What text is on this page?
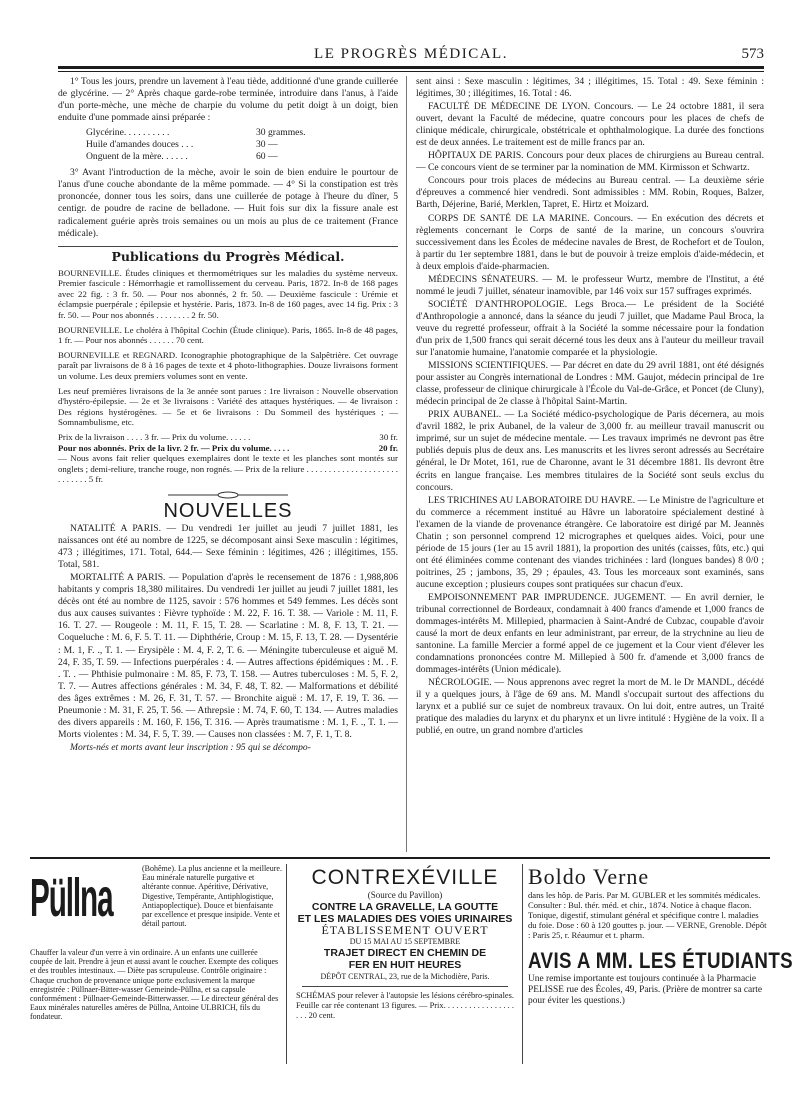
LE PROGRÈS MÉDICAL.	573

1° Tous les jours, prendre un lavement à l'eau tiède, additionné d'une grande cuillerée de glycérine. — 2° Après chaque garde-robe terminée, introduire dans l'anus, à l'aide d'un porte-mèche, une mèche de charpie du volume du petit doigt à un doigt, bien enduite d'une pommade ainsi préparée :

Glycérine. . . . . . . . . .	30 grammes.
Huile d'amandes douces . . .	30 —
Onguent de la mère. . . . . .	60 —

3° Avant l'introduction de la mèche, avoir le soin de bien enduire le pourtour de l'anus d'une couche abondante de la même pommade. — 4° Si la constipation est très prononcée, donner tous les soirs, dans une cuillerée de potage à l'heure du dîner, 5 centigr. de poudre de racine de belladone. — Huit fois sur dix la fissure anale est radicalement guérie après trois semaines ou un mois au plus de ce traitement (France médicale).

Publications du Progrès Médical.

BOURNEVILLE. Études cliniques et thermométriques sur les maladies du système nerveux. Premier fascicule : Hémorrhagie et ramollissement du cerveau. Paris, 1872. In-8 de 168 pages avec 22 fig. : 3 fr. 50. — Pour nos abonnés, 2 fr. 50. — Deuxième fascicule : Urémie et éclampsie puerpérale ; épilepsie et hystérie. Paris, 1873. In-8 de 160 pages, avec 14 fig. Prix : 3 fr. 50. — Pour nos abonnés . . . . . . . . 2 fr. 50.

BOURNEVILLE. Le choléra à l'hôpital Cochin (Étude clinique). Paris, 1865. In-8 de 48 pages, 1 fr. — Pour nos abonnés . . . . . . 70 cent.

BOURNEVILLE et REGNARD. Iconographie photographique de la Salpêtrière. Cet ouvrage paraît par livraisons de 8 à 16 pages de texte et 4 photo-lithographies. Douze livraisons forment un volume. Les deux premiers volumes sont en vente.

Les neuf premières livraisons de la 3e année sont parues : 1re livraison : Nouvelle observation d'hystéro-épilepsie. — 2e et 3e livraisons : Variété des attaques hystériques. — 4e livraison : Des régions hystérogènes. — 5e et 6e livraisons : Du Sommeil des hystériques ; — Somnambulisme, etc.

Prix de la livraison . . . . 3 fr. — Prix du volume. . . . . .	30 fr.
Pour nos abonnés. Prix de la livr. 2 fr. — Prix du volume. . . . .	20 fr.

— Nous avons fait relier quelques exemplaires dont le texte et les planches sont montés sur onglets ; demi-reliure, tranche rouge, non rognés. — Prix de la reliure . . . . . . . . . . . . . . . . . . . . . . . . . . . . 5 fr.

NOUVELLES

NATALITÉ A PARIS. — Du vendredi 1er juillet au jeudi 7 juillet 1881, les naissances ont été au nombre de 1225, se décomposant ainsi Sexe masculin : légitimes, 473 ; illégitimes, 171. Total, 644.— Sexe féminin : légitimes, 426 ; illégitimes, 155. Total, 581.

MORTALITÉ A PARIS. — Population d'après le recensement de 1876 : 1,988,806 habitants y compris 18,380 militaires. Du vendredi 1er juillet au jeudi 7 juillet 1881, les décès ont été au nombre de 1125, savoir : 576 hommes et 549 femmes. Les décès sont dus aux causes suivantes : Fièvre typhoïde : M. 22, F. 16. T. 38. — Variole : M. 11, F. 16. T. 27. — Rougeole : M. 11, F. 15, T. 28. — Scarlatine : M. 8, F. 13, T. 21. — Coqueluche : M. 6, F. 5. T. 11. — Diphthérie, Croup : M. 15, F. 13, T. 28. — Dysentérie : M. 1, F. ., T. 1. — Erysipèle : M. 4, F. 2, T. 6. — Méningite tuberculeuse et aiguë M. 24, F. 35, T. 59. — Infections puerpérales : 4. — Autres affections épidémiques : M. . F. . T. . — Phthisie pulmonaire : M. 85, F. 73, T. 158. — Autres tuberculoses : M. 5, F. 2, T. 7. — Autres affections générales : M. 34, F. 48, T. 82. — Malformations et débilité des âges extrêmes : M. 26, F. 31, T. 57. — Bronchite aiguë : M. 17, F. 19, T. 36. — Pneumonie : M. 31, F. 25, T. 56. — Athrepsie : M. 74, F. 60, T. 134. — Autres maladies des divers appareils : M. 160, F. 156, T. 316. — Après traumatisme : M. 1, F. ., T. 1. — Morts violentes : M. 34, F. 5, T. 39. — Causes non classées : M. 7, F. 1, T. 8.

Morts-nés et morts avant leur inscription : 95 qui se décompo-

sent ainsi : Sexe masculin : légitimes, 34 ; illégitimes, 15. Total : 49. Sexe féminin : légitimes, 30 ; illégitimes, 16. Total : 46.

FACULTÉ DE MÉDECINE DE LYON. Concours. — Le 24 octobre 1881, il sera ouvert, devant la Faculté de médecine, quatre concours pour les places de chefs de clinique médicale, chirurgicale, obstétricale et ophthalmologique. La durée des fonctions est de deux années. Le traitement est de mille francs par an.

HÔPITAUX DE PARIS. Concours pour deux places de chirurgiens au Bureau central. — Ce concours vient de se terminer par la nomination de MM. Kirmisson et Schwartz.

Concours pour trois places de médecins au Bureau central. — La deuxième série d'épreuves a commencé hier vendredi. Sont admissibles : MM. Robin, Roques, Balzer, Barth, Déjerine, Barié, Merklen, Tapret, E. Hirtz et Moizard.

CORPS DE SANTÉ DE LA MARINE. Concours. — En exécution des décrets et règlements concernant le Corps de santé de la marine, un concours s'ouvrira successivement dans les Écoles de médecine navales de Brest, de Rochefort et de Toulon, à partir du 1er septembre 1881, dans le but de pouvoir à treize emplois d'aide-médecin, et à deux emplois d'aide-pharmacien.

MÉDECINS SÉNATEURS. — M. le professeur Wurtz, membre de l'Institut, a été nommé le jeudi 7 juillet, sénateur inamovible, par 146 voix sur 157 suffrages exprimés.

SOCIÉTÉ D'ANTHROPOLOGIE. Legs Broca.— Le président de la Société d'Anthropologie a annoncé, dans la séance du jeudi 7 juillet, que Madame Paul Broca, la veuve du regretté professeur, offrait à la Société la somme nécessaire pour la fondation d'un prix de 1,500 francs qui serait décerné tous les deux ans à l'auteur du meilleur travail sur l'anatomie humaine, l'anatomie comparée et la physiologie.

MISSIONS SCIENTIFIQUES. — Par décret en date du 29 avril 1881, ont été désignés pour assister au Congrès international de Londres : MM. Gaujot, médecin principal de 1re classe, professeur de clinique chirurgicale à l'École du Val-de-Grâce, et Poncet (de Cluny), médecin principal de 2e classe à l'hôpital Saint-Martin.

PRIX AUBANEL. — La Société médico-psychologique de Paris décernera, au mois d'avril 1882, le prix Aubanel, de la valeur de 3,000 fr. au meilleur travail manuscrit ou imprimé, sur un sujet de médecine mentale. — Les travaux imprimés ne devront pas être publiés depuis plus de deux ans. Les manuscrits et les livres seront adressés au Secrétaire général, le Dr Motet, 161, rue de Charonne, avant le 31 décembre 1881. Ils devront être écrits en langue française. Les membres titulaires de la Société sont seuls exclus du concours.

LES TRICHINES AU LABORATOIRE DU HAVRE. — Le Ministre de l'agriculture et du commerce a récemment institué au Hâvre un laboratoire spécialement destiné à l'examen de la viande de provenance étrangère. Ce laboratoire est dirigé par M. Jeannès Chatin ; son personnel comprend 12 micrographes et quelques aides. Voici, pour une période de 15 jours (1er au 15 avril 1881), la proportion des unités (caisses, fûts, etc.) qui ont été éliminées comme contenant des viandes trichinées : lard (longues bandes) 8 0/0 ; poitrines, 25 ; jambons, 35, 29 ; épaules, 43. Tous les morceaux sont examinés, sans aucune exception ; plusieurs coupes sont pratiquées sur chacun d'eux.

EMPOISONNEMENT PAR IMPRUDENCE. JUGEMENT. — En avril dernier, le tribunal correctionnel de Bordeaux, condamnait à 400 francs d'amende et 1,000 francs de dommages-intérêts M. Millepied, pharmacien à Saint-André de Cubzac, coupable d'avoir causé la mort de deux enfants en leur administrant, par erreur, de la strychnine au lieu de santonine. La famille Mercier a formé appel de ce jugement et la Cour vient d'élever les condamnations prononcées contre M. Millepied à 500 fr. d'amende et 3,000 francs de dommages-intérêts (Union médicale).

NÉCROLOGIE. — Nous apprenons avec regret la mort de M. le Dr MANDL, décédé il y a quelques jours, à l'âge de 69 ans. M. Mandl s'occupait surtout des affections du larynx et a publié sur ce sujet de nombreux travaux. On lui doit, entre autres, un Traité pratique des maladies du larynx et du pharynx et un livre intitulé : Hygiène de la voix. Il a publié, en outre, un grand nombre d'articles

Püllna	(Bohême). La plus ancienne et la meilleure. Eau minérale naturelle purgative et altérante connue. Apéritive, Dérivative, Digestive, Tempérante, Antiphlogistique, Antiapoplectique). Douce et bienfaisante par excellence et presque insipide. Vente et détail partout.
Chauffer la valeur d'un verre à vin ordinaire. A un enfants une cuillerée coupée de lait. Prendre à jeun et aussi avant le coucher. Exempte des coliques et des troubles intestinaux. — Diète pas scrupuleuse. Contrôle originaire : Chaque cruchon de provenance unique porte exclusivement la marque enregistrée : Püllnaer-Bitter-wasser Gemeinde-Püllna, et sa capsule conformément : Püllnaer-Gemeinde-Bitterwasser. — Le directeur général des Eaux minérales naturelles amères de Püllna, Antoine ULBRICH, fils du fondateur.
CONTREXÉVILLE
(Source du Pavillon)
CONTRE LA GRAVELLE, LA GOUTTE
ET LES MALADIES DES VOIES URINAIRES
ÉTABLISSEMENT OUVERT
DU 15 MAI AU 15 SEPTEMBRE
TRAJET DIRECT EN CHEMIN DE
FER EN HUIT HEURES
DÉPÔT CENTRAL, 23, rue de la Michodière, Paris.
SCHÉMAS pour relever à l'autopsie les lésions cérébro-spinales. Feuille car rée contenant 13 figures. — Prix. . . . . . . . . . . . . . . . . . . . 20 cent.
Boldo Verne
dans les hôp. de Paris. Par M. GUBLER et les sommités médicales. Consulter : Bul. thér. méd. et chir., 1874. Notice à chaque flacon. Tonique, digestif, stimulant général et spécifique contre l. maladies du foie. Dose : 60 à 120 gouttes p. jour. — VERNE, Grenoble. Dépôt : Paris 25, r. Réaumur et t. pharm.
AVIS A MM. LES ÉTUDIANTS
Une remise importante est toujours continuée à la Pharmacie PELISSE rue des Écoles, 49, Paris. (Prière de montrer sa carte pour éviter les questions.)
